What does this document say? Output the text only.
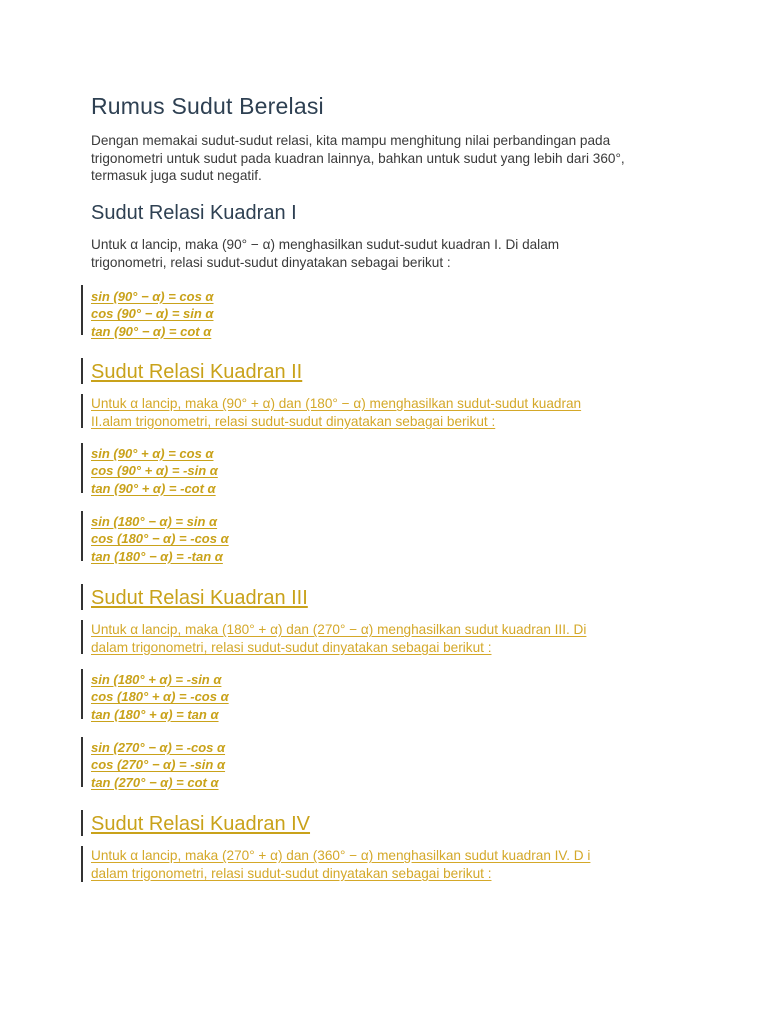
Rumus Sudut Berelasi

Dengan memakai sudut-sudut relasi, kita mampu menghitung nilai perbandingan pada trigonometri untuk sudut pada kuadran lainnya, bahkan untuk sudut yang lebih dari 360°, termasuk juga sudut negatif.

Sudut Relasi Kuadran I

Untuk α lancip, maka (90° − α) menghasilkan sudut-sudut kuadran I. Di dalam trigonometri, relasi sudut-sudut dinyatakan sebagai berikut :

sin (90° − α) = cos α
cos (90° − α) = sin α
tan (90° − α) = cot α
Sudut Relasi Kuadran II
Untuk α lancip, maka (90° + α) dan (180° − α) menghasilkan sudut-sudut kuadran
II.alam trigonometri, relasi sudut-sudut dinyatakan sebagai berikut :
sin (90° + α) = cos α
cos (90° + α) = -sin α
tan (90° + α) = -cot α
sin (180° − α) = sin α
cos (180° − α) = -cos α
tan (180° − α) = -tan α
Sudut Relasi Kuadran III
Untuk α lancip, maka (180° + α) dan (270° − α) menghasilkan sudut kuadran III. Di
dalam trigonometri, relasi sudut-sudut dinyatakan sebagai berikut :
sin (180° + α) = -sin α
cos (180° + α) = -cos α
tan (180° + α) = tan α
sin (270° − α) = -cos α
cos (270° − α) = -sin α
tan (270° − α) = cot α
Sudut Relasi Kuadran IV
Untuk α lancip, maka (270° + α) dan (360° − α) menghasilkan sudut kuadran IV. D i
dalam trigonometri, relasi sudut-sudut dinyatakan sebagai berikut :
